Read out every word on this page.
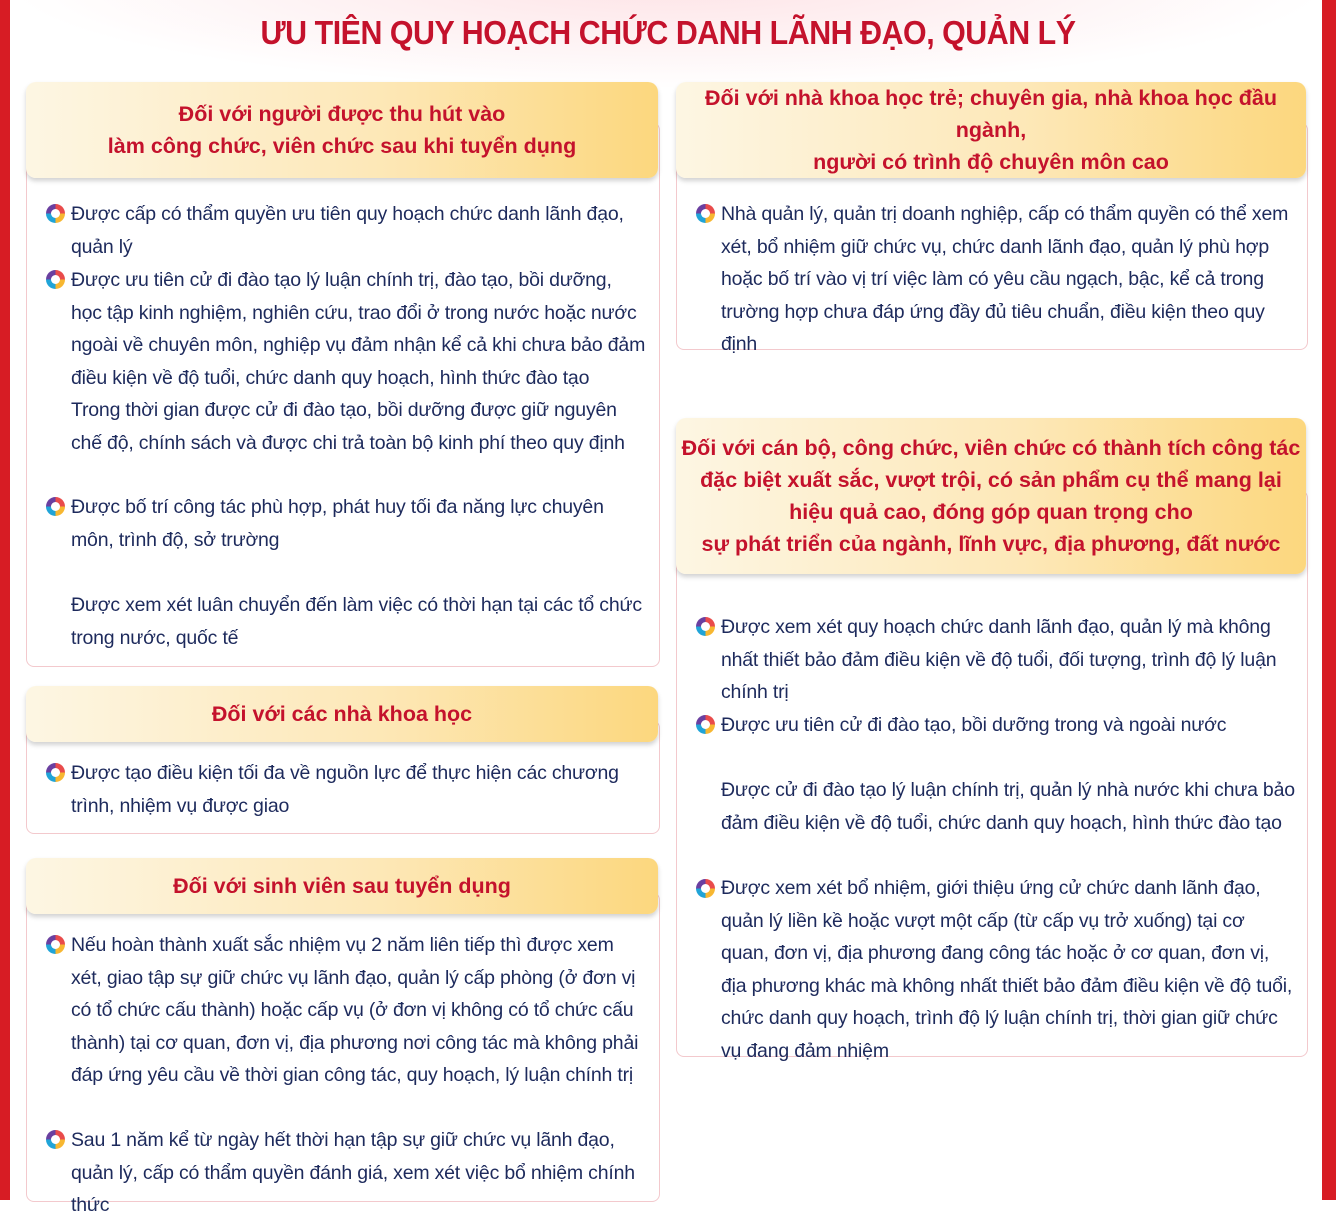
ƯU TIÊN QUY HOẠCH CHỨC DANH LÃNH ĐẠO, QUẢN LÝ
Đối với người được thu hút vào
làm công chức, viên chức sau khi tuyển dụng
Được cấp có thẩm quyền ưu tiên quy hoạch chức danh lãnh đạo, quản lý
Được ưu tiên cử đi đào tạo lý luận chính trị, đào tạo, bồi dưỡng, học tập kinh nghiệm, nghiên cứu, trao đổi ở trong nước hoặc nước ngoài về chuyên môn, nghiệp vụ đảm nhận kể cả khi chưa bảo đảm điều kiện về độ tuổi, chức danh quy hoạch, hình thức đào tạo
Trong thời gian được cử đi đào tạo, bồi dưỡng được giữ nguyên chế độ, chính sách và được chi trả toàn bộ kinh phí theo quy định
Được bố trí công tác phù hợp, phát huy tối đa năng lực chuyên môn, trình độ, sở trường
Được xem xét luân chuyển đến làm việc có thời hạn tại các tổ chức trong nước, quốc tế
Đối với các nhà khoa học
Được tạo điều kiện tối đa về nguồn lực để thực hiện các chương trình, nhiệm vụ được giao
Đối với sinh viên sau tuyển dụng
Nếu hoàn thành xuất sắc nhiệm vụ 2 năm liên tiếp thì được xem xét, giao tập sự giữ chức vụ lãnh đạo, quản lý cấp phòng (ở đơn vị có tổ chức cấu thành) hoặc cấp vụ (ở đơn vị không có tổ chức cấu thành) tại cơ quan, đơn vị, địa phương nơi công tác mà không phải đáp ứng yêu cầu về thời gian công tác, quy hoạch, lý luận chính trị
Sau 1 năm kể từ ngày hết thời hạn tập sự giữ chức vụ lãnh đạo, quản lý, cấp có thẩm quyền đánh giá, xem xét việc bổ nhiệm chính thức
Đối với nhà khoa học trẻ; chuyên gia, nhà khoa học đầu ngành,
người có trình độ chuyên môn cao
Nhà quản lý, quản trị doanh nghiệp, cấp có thẩm quyền có thể xem xét, bổ nhiệm giữ chức vụ, chức danh lãnh đạo, quản lý phù hợp hoặc bố trí vào vị trí việc làm có yêu cầu ngạch, bậc, kể cả trong trường hợp chưa đáp ứng đầy đủ tiêu chuẩn, điều kiện theo quy định
Đối với cán bộ, công chức, viên chức có thành tích công tác
đặc biệt xuất sắc, vượt trội, có sản phẩm cụ thể mang lại
hiệu quả cao, đóng góp quan trọng cho
sự phát triển của ngành, lĩnh vực, địa phương, đất nước
Được xem xét quy hoạch chức danh lãnh đạo, quản lý mà không nhất thiết bảo đảm điều kiện về độ tuổi, đối tượng, trình độ lý luận chính trị
Được ưu tiên cử đi đào tạo, bồi dưỡng trong và ngoài nước
Được cử đi đào tạo lý luận chính trị, quản lý nhà nước khi chưa bảo đảm điều kiện về độ tuổi, chức danh quy hoạch, hình thức đào tạo
Được xem xét bổ nhiệm, giới thiệu ứng cử chức danh lãnh đạo, quản lý liền kề hoặc vượt một cấp (từ cấp vụ trở xuống) tại cơ quan, đơn vị, địa phương đang công tác hoặc ở cơ quan, đơn vị, địa phương khác mà không nhất thiết bảo đảm điều kiện về độ tuổi, chức danh quy hoạch, trình độ lý luận chính trị, thời gian giữ chức vụ đang đảm nhiệm
